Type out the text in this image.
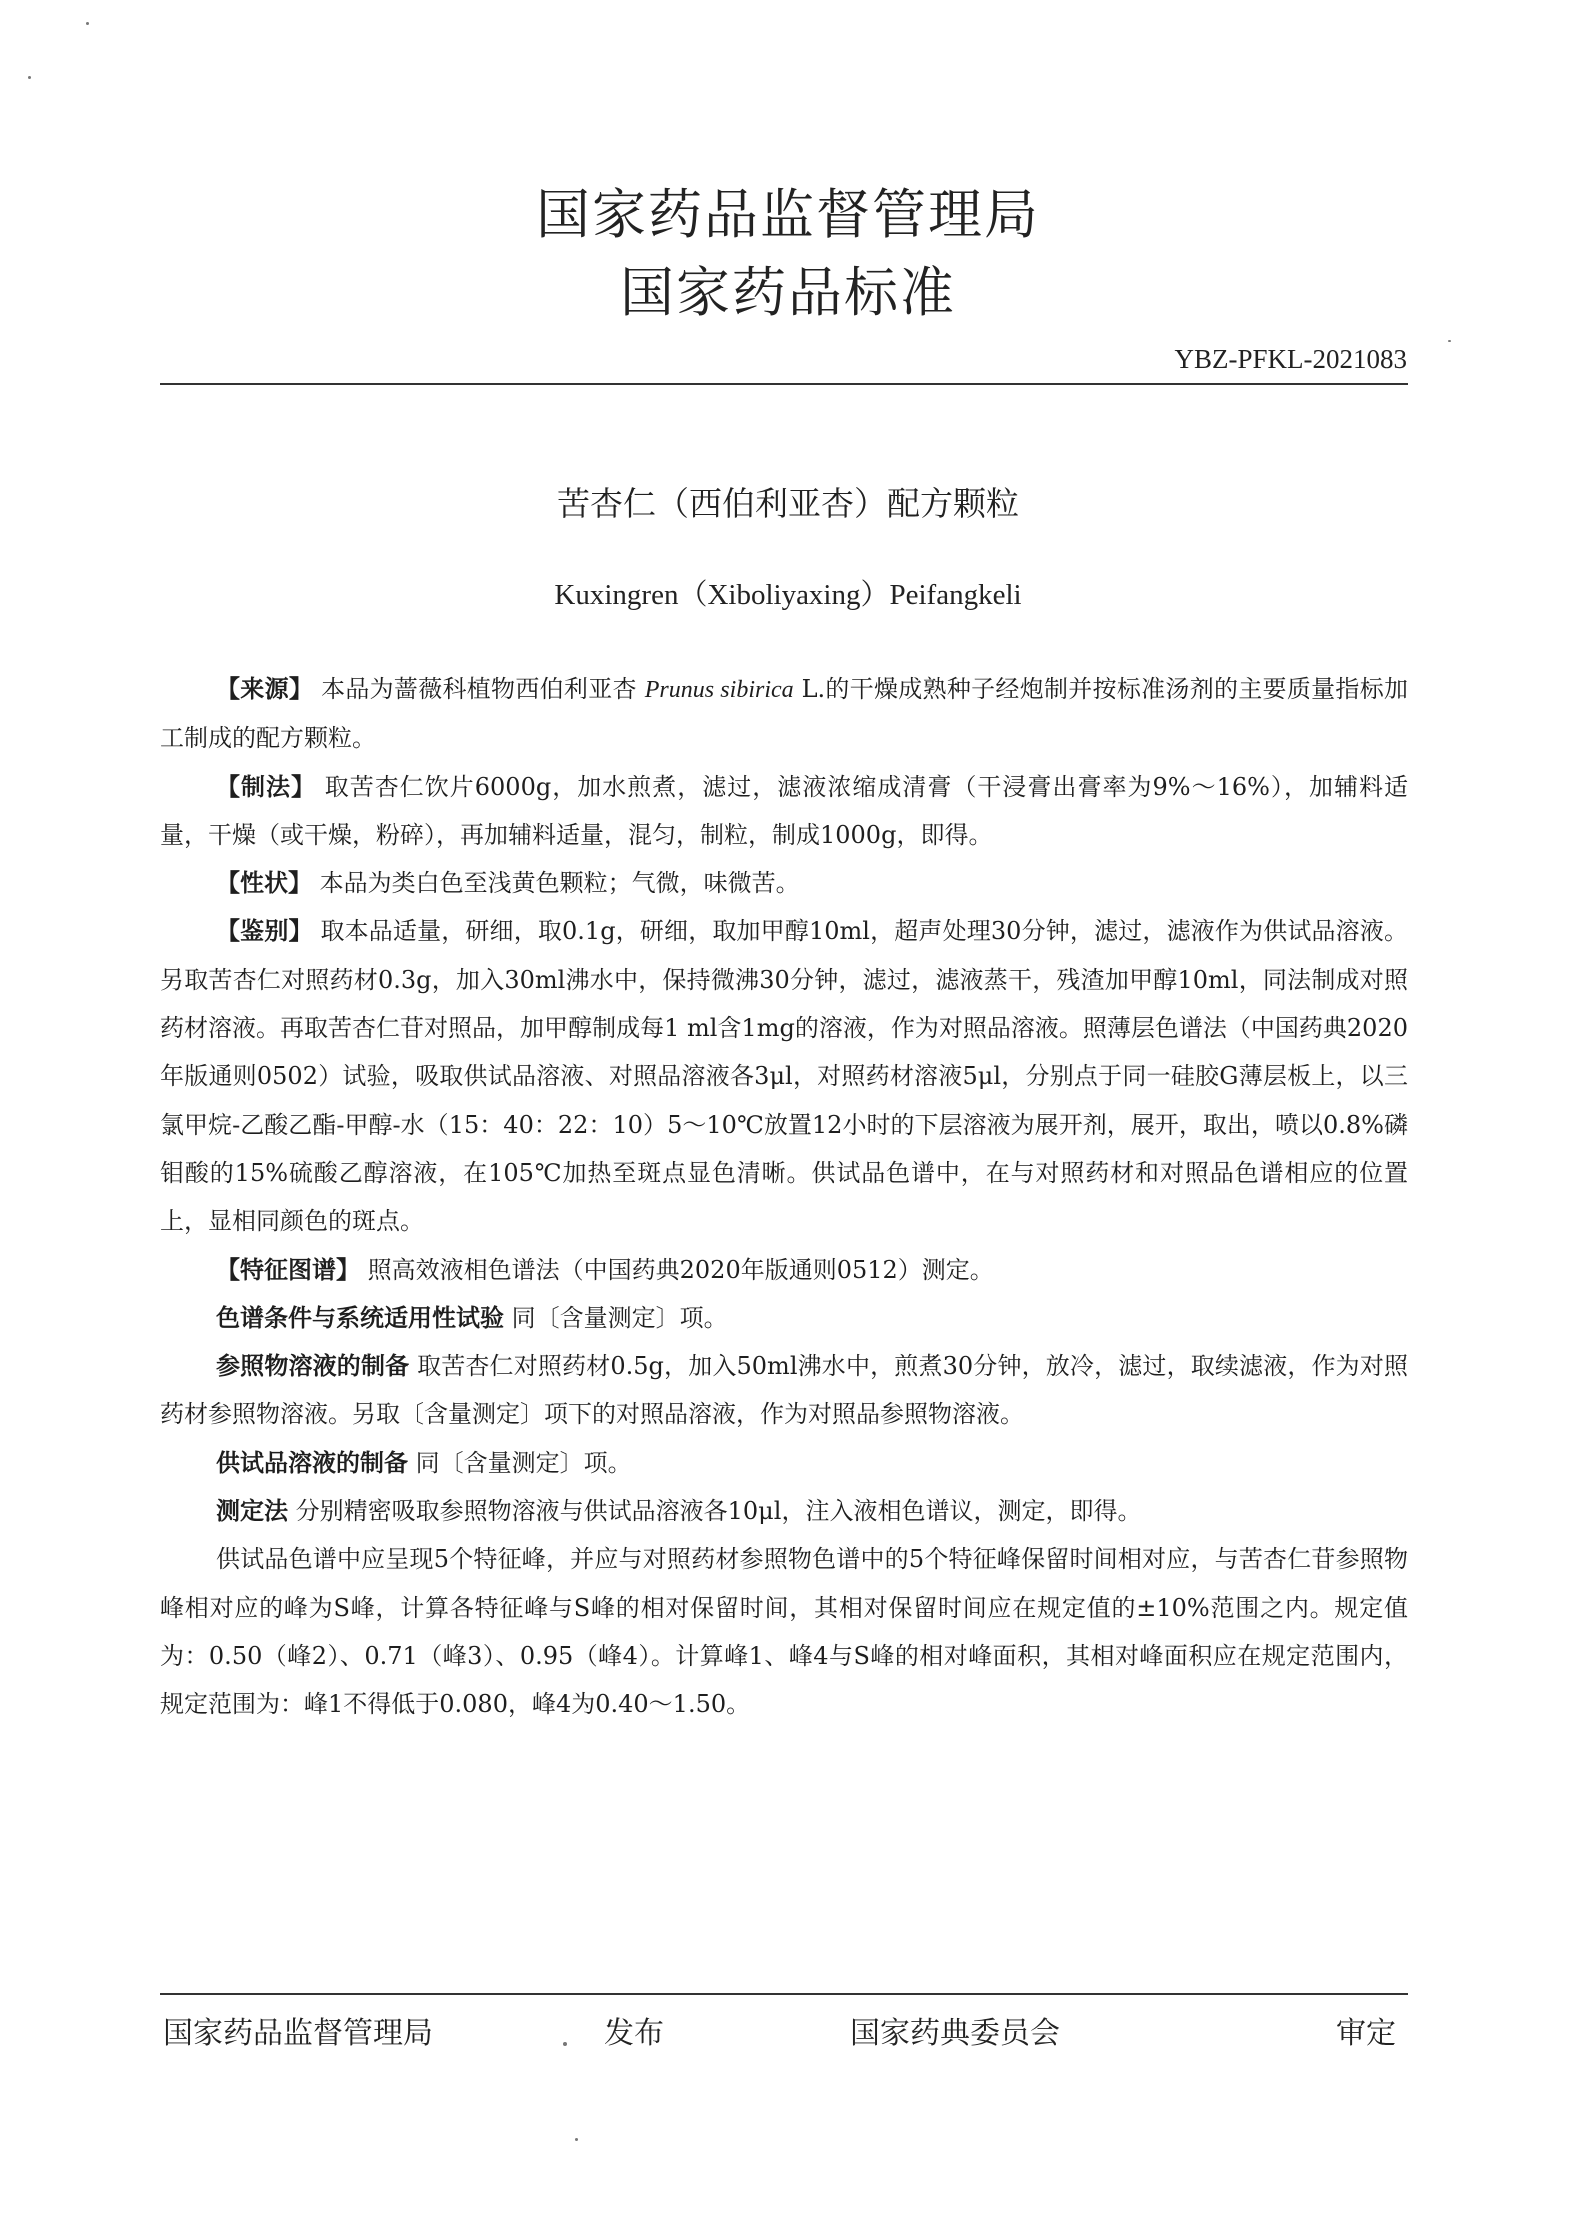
国家药品监督管理局
国家药品标准
YBZ-PFKL-2021083
苦杏仁（西伯利亚杏）配方颗粒
Kuxingren（Xiboliyaxing）Peifangkeli

【来源】 本品为蔷薇科植物西伯利亚杏 Prunus sibirica L.的干燥成熟种子经炮制并按标准汤剂的主要质量指标加工制成的配方颗粒。

【制法】 取苦杏仁饮片6000g，加水煎煮，滤过，滤液浓缩成清膏（干浸膏出膏率为9%～16%），加辅料适量，干燥（或干燥，粉碎），再加辅料适量，混匀，制粒，制成1000g，即得。

【性状】 本品为类白色至浅黄色颗粒；气微，味微苦。

【鉴别】 取本品适量，研细，取0.1g，研细，取加甲醇10ml，超声处理30分钟，滤过，滤液作为供试品溶液。另取苦杏仁对照药材0.3g，加入30ml沸水中，保持微沸30分钟，滤过，滤液蒸干，残渣加甲醇10ml，同法制成对照药材溶液。再取苦杏仁苷对照品，加甲醇制成每1 ml含1mg的溶液，作为对照品溶液。照薄层色谱法（中国药典2020年版通则0502）试验，吸取供试品溶液、对照品溶液各3μl，对照药材溶液5μl，分别点于同一硅胶G薄层板上，以三氯甲烷-乙酸乙酯-甲醇-水（15：40：22：10）5～10℃放置12小时的下层溶液为展开剂，展开，取出，喷以0.8%磷钼酸的15%硫酸乙醇溶液，在105℃加热至斑点显色清晰。供试品色谱中，在与对照药材和对照品色谱相应的位置上，显相同颜色的斑点。

【特征图谱】 照高效液相色谱法（中国药典2020年版通则0512）测定。

色谱条件与系统适用性试验 同〔含量测定〕项。

参照物溶液的制备 取苦杏仁对照药材0.5g，加入50ml沸水中，煎煮30分钟，放冷，滤过，取续滤液，作为对照药材参照物溶液。另取〔含量测定〕项下的对照品溶液，作为对照品参照物溶液。

供试品溶液的制备 同〔含量测定〕项。

测定法 分别精密吸取参照物溶液与供试品溶液各10μl，注入液相色谱议，测定，即得。

供试品色谱中应呈现5个特征峰，并应与对照药材参照物色谱中的5个特征峰保留时间相对应，与苦杏仁苷参照物峰相对应的峰为S峰，计算各特征峰与S峰的相对保留时间，其相对保留时间应在规定值的±10%范围之内。规定值为：0.50（峰2）、0.71（峰3）、0.95（峰4）。计算峰1、峰4与S峰的相对峰面积，其相对峰面积应在规定范围内，规定范围为：峰1不得低于0.080，峰4为0.40～1.50。

国家药品监督管理局	发布	国家药典委员会	审定
